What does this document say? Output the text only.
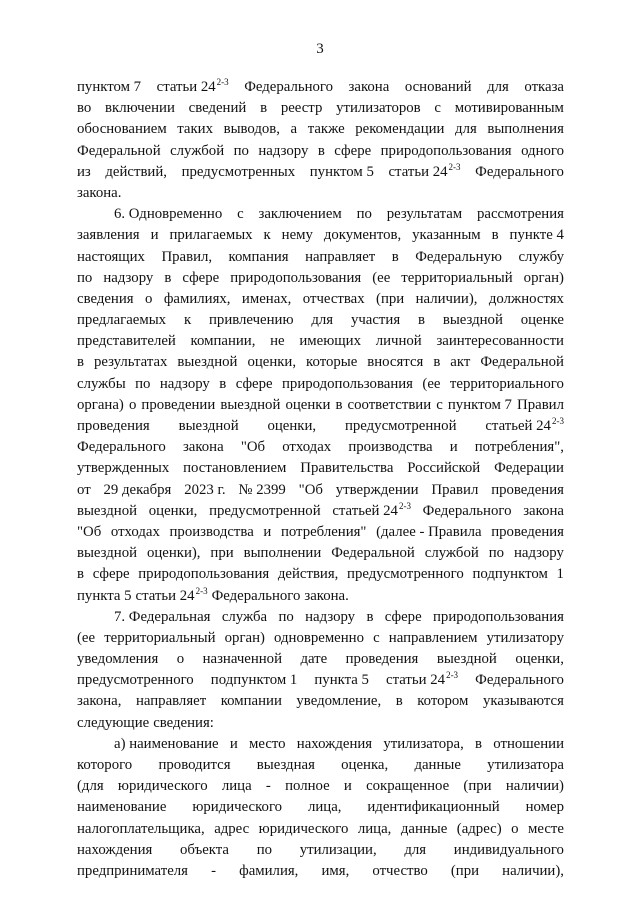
3
пунктом 7 статьи 24$^{2-3}$ Федерального закона оснований для отказа
во включении сведений в реестр утилизаторов с мотивированным
обоснованием таких выводов, а также рекомендации для выполнения
Федеральной службой по надзору в сфере природопользования одного
из действий, предусмотренных пунктом 5 статьи 24$^{2-3}$ Федерального
закона.
6. Одновременно с заключением по результатам рассмотрения
заявления и прилагаемых к нему документов, указанным в пункте 4
настоящих Правил, компания направляет в Федеральную службу
по надзору в сфере природопользования (ее территориальный орган)
сведения о фамилиях, именах, отчествах (при наличии), должностях
предлагаемых к привлечению для участия в выездной оценке
представителей компании, не имеющих личной заинтересованности
в результатах выездной оценки, которые вносятся в акт Федеральной
службы по надзору в сфере природопользования (ее территориального
органа) о проведении выездной оценки в соответствии с пунктом 7 Правил
проведения выездной оценки, предусмотренной статьей 24$^{2-3}$
Федерального закона "Об отходах производства и потребления",
утвержденных постановлением Правительства Российской Федерации
от 29 декабря 2023 г. № 2399 "Об утверждении Правил проведения
выездной оценки, предусмотренной статьей 24$^{2-3}$ Федерального закона
"Об отходах производства и потребления" (далее - Правила проведения
выездной оценки), при выполнении Федеральной службой по надзору
в сфере природопользования действия, предусмотренного подпунктом 1
пункта 5 статьи 24$^{2-3}$ Федерального закона.
7. Федеральная служба по надзору в сфере природопользования
(ее территориальный орган) одновременно с направлением утилизатору
уведомления о назначенной дате проведения выездной оценки,
предусмотренного подпунктом 1 пункта 5 статьи 24$^{2-3}$ Федерального
закона, направляет компании уведомление, в котором указываются
следующие сведения:
а) наименование и место нахождения утилизатора, в отношении
которого проводится выездная оценка, данные утилизатора
(для юридического лица - полное и сокращенное (при наличии)
наименование юридического лица, идентификационный номер
налогоплательщика, адрес юридического лица, данные (адрес) о месте
нахождения объекта по утилизации, для индивидуального
предпринимателя - фамилия, имя, отчество (при наличии),
